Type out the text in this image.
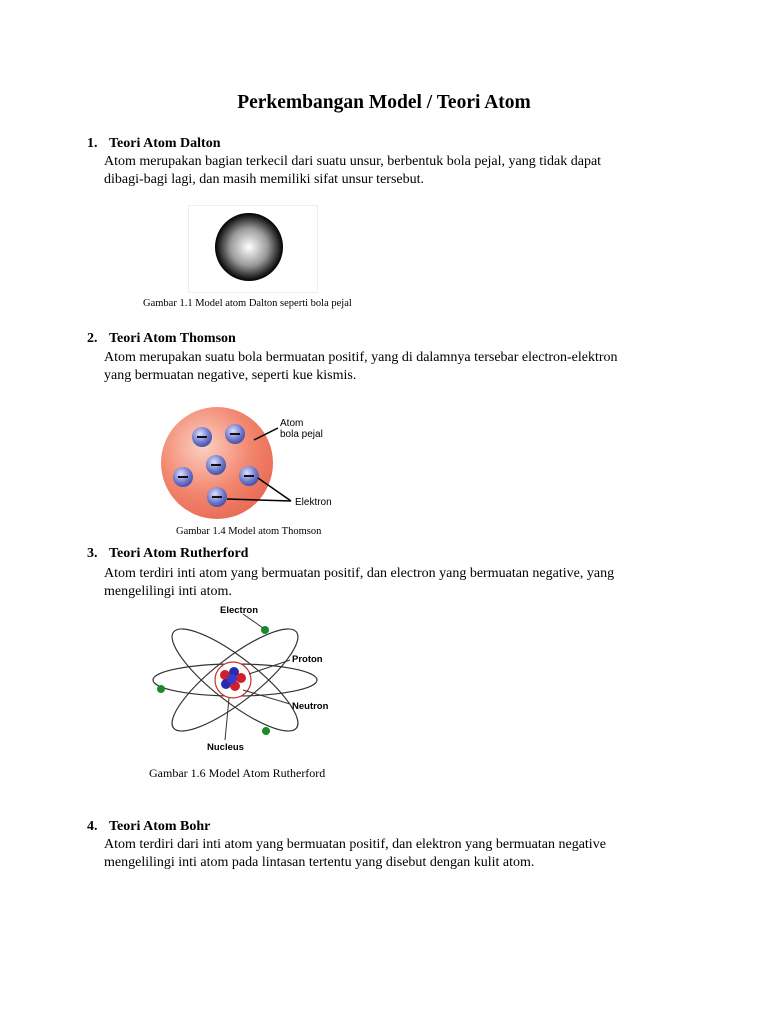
Perkembangan Model / Teori Atom
1. Teori Atom Dalton
Atom merupakan bagian terkecil dari suatu unsur, berbentuk bola pejal, yang tidak dapat
dibagi-bagi lagi, dan masih memiliki sifat unsur tersebut.
Gambar 1.1 Model atom Dalton seperti bola pejal
2. Teori Atom Thomson
Atom merupakan suatu bola bermuatan positif, yang di dalamnya tersebar electron-elektron
yang bermuatan negative, seperti kue kismis.
Atom
bola pejal
Elektron
Gambar 1.4 Model atom Thomson
3. Teori Atom Rutherford
Atom terdiri inti atom yang bermuatan positif, dan electron yang bermuatan negative, yang
mengelilingi inti atom.
Electron
Proton
Neutron
Nucleus
Gambar 1.6 Model Atom Rutherford
4. Teori Atom Bohr
Atom terdiri dari inti atom yang bermuatan positif, dan elektron yang bermuatan negative
mengelilingi inti atom pada lintasan tertentu yang disebut dengan kulit atom.
